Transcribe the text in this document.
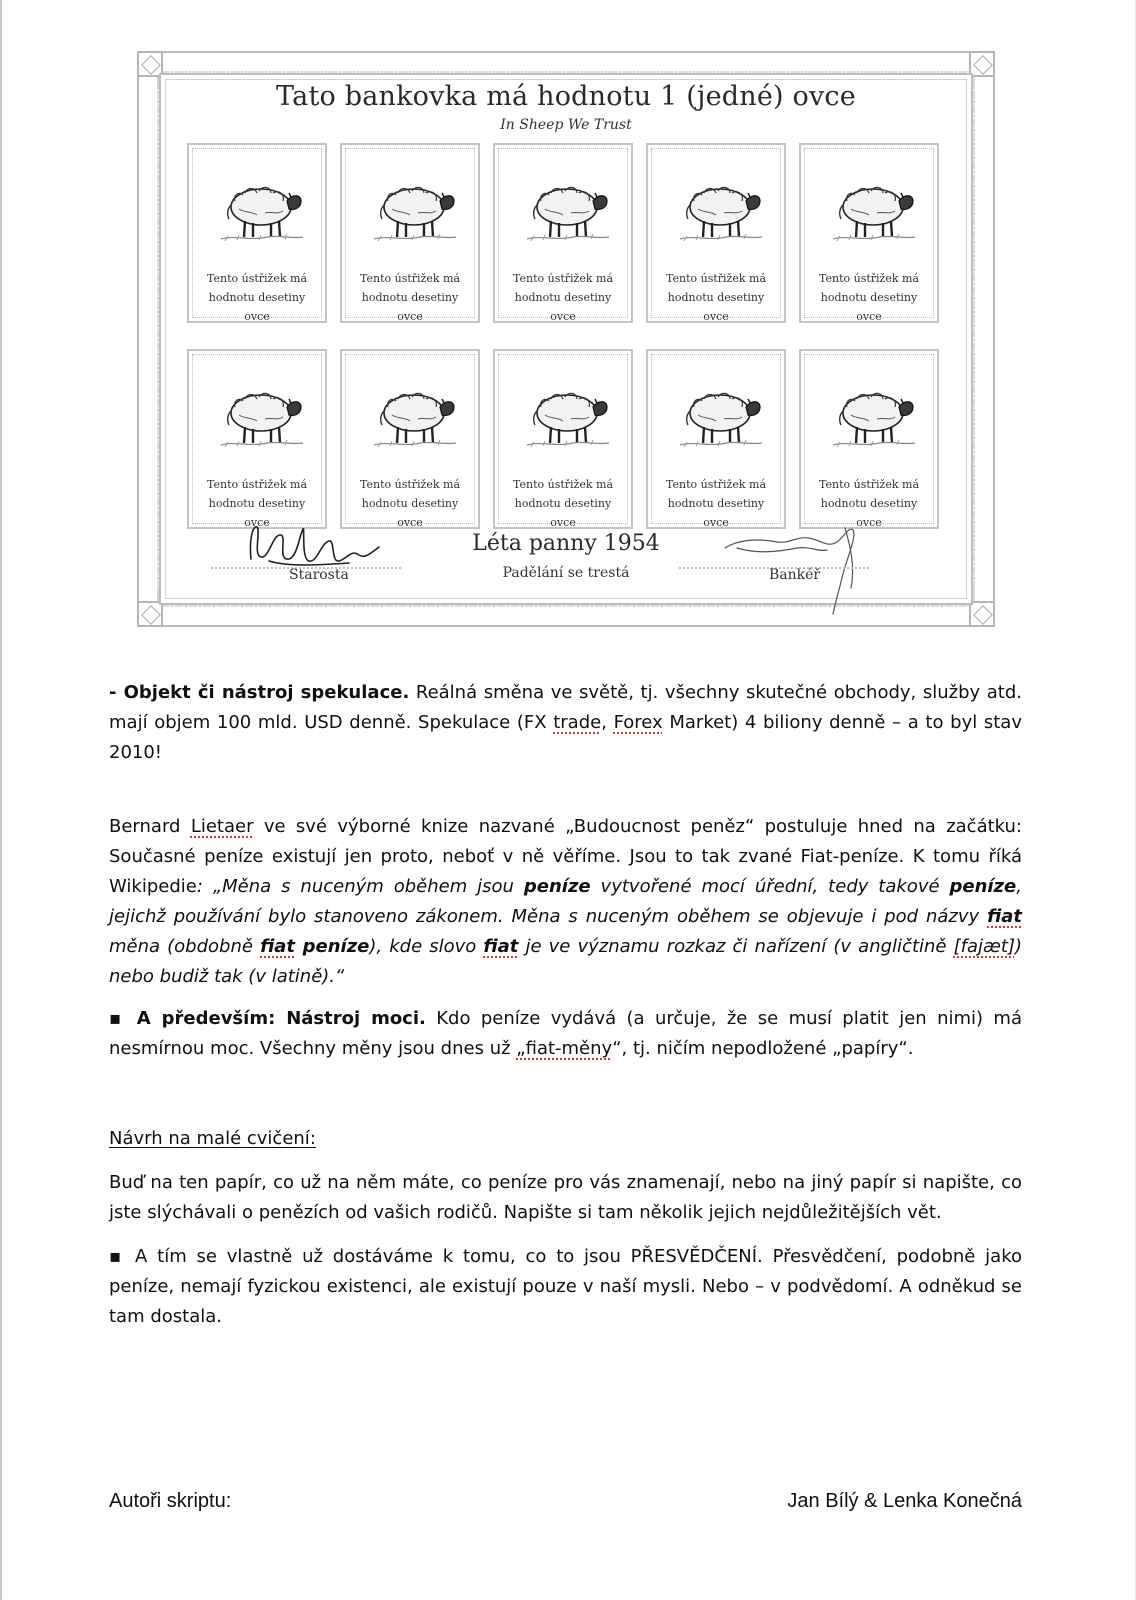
Tato bankovka má hodnotu 1 (jedné) ovce
In Sheep We Trust
Tento ústřižek má
hodnotu desetiny ovce
Tento ústřižek má
hodnotu desetiny ovce
Tento ústřižek má
hodnotu desetiny ovce
Tento ústřižek má
hodnotu desetiny ovce
Tento ústřižek má
hodnotu desetiny ovce
Tento ústřižek má
hodnotu desetiny ovce
Tento ústřižek má
hodnotu desetiny ovce
Tento ústřižek má
hodnotu desetiny ovce
Tento ústřižek má
hodnotu desetiny ovce
Tento ústřižek má
hodnotu desetiny ovce
Starosta	Bankéř
Léta panny 1954
Padělání se trestá
- Objekt či nástroj spekulace. Reálná směna ve světě, tj. všechny skutečné obchody, služby atd. mají objem 100 mld. USD denně. Spekulace (FX trade, Forex Market) 4 biliony denně – a to byl stav 2010!
Bernard Lietaer ve své výborné knize nazvané „Budoucnost peněz“ postuluje hned na začátku: Současné peníze existují jen proto, neboť v ně věříme. Jsou to tak zvané Fiat-peníze. K tomu říká Wikipedie: „Měna s nuceným oběhem jsou peníze vytvořené mocí úřední, tedy takové peníze, jejichž používání bylo stanoveno zákonem. Měna s nuceným oběhem se objevuje i pod názvy fiat měna (obdobně fiat peníze), kde slovo fiat je ve významu rozkaz či nařízení (v angličtině [fajæt]) nebo budiž tak (v latině).“
▪ A především: Nástroj moci. Kdo peníze vydává (a určuje, že se musí platit jen nimi) má nesmírnou moc. Všechny měny jsou dnes už „fiat-měny“, tj. ničím nepodložené „papíry“.
Návrh na malé cvičení:
Buď na ten papír, co už na něm máte, co peníze pro vás znamenají, nebo na jiný papír si napište, co jste slýchávali o penězích od vašich rodičů. Napište si tam několik jejich nejdůležitějších vět.
▪ A tím se vlastně už dostáváme k tomu, co to jsou PŘESVĚDČENÍ. Přesvědčení, podobně jako peníze, nemají fyzickou existenci, ale existují pouze v naší mysli. Nebo – v podvědomí. A odněkud se tam dostala.
Autoři skriptu:	Jan Bílý & Lenka Konečná
